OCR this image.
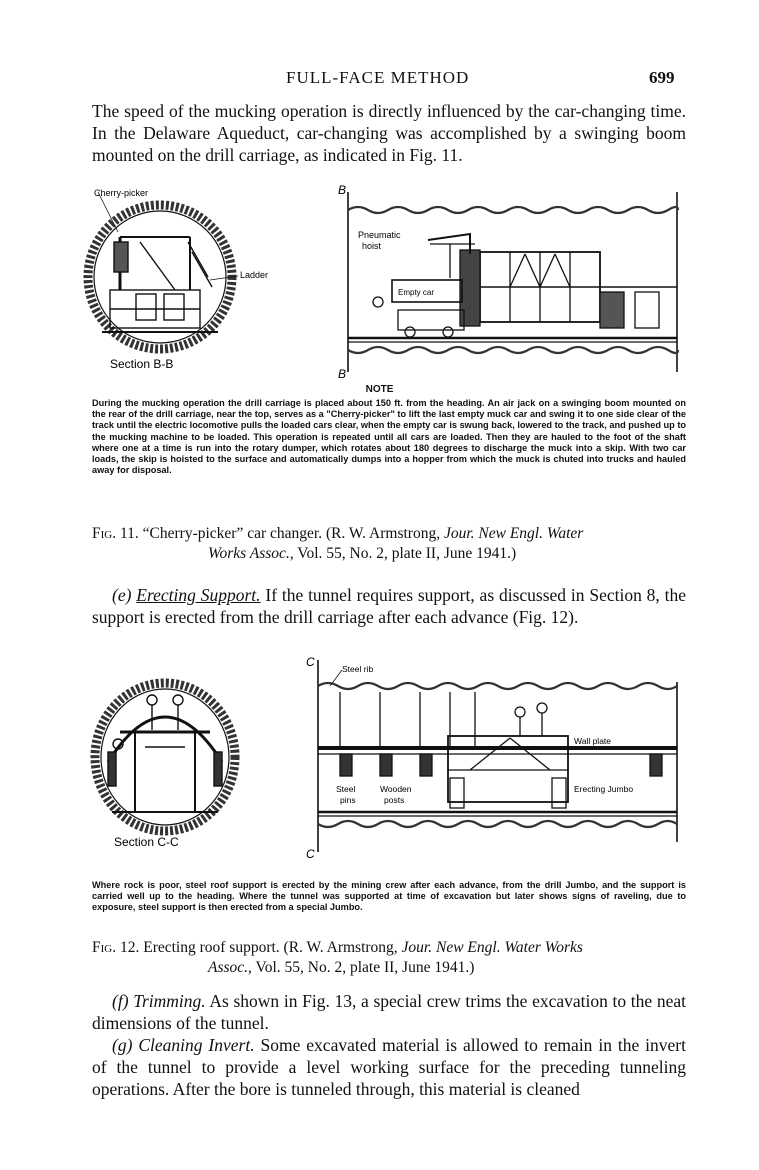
FULL-FACE METHOD	699
The speed of the mucking operation is directly influenced by the car-changing time. In the Delaware Aqueduct, car-changing was accomplished by a swinging boom mounted on the drill carriage, as indicated in Fig. 11.
Cherry-picker
Ladder
Section B-B
B
B
Pneumatic
hoist
Empty car
NOTE
During the mucking operation the drill carriage is placed about 150 ft. from the heading. An air jack on a swinging boom mounted on the rear of the drill carriage, near the top, serves as a "Cherry-picker" to lift the last empty muck car and swing it to one side clear of the track until the electric locomotive pulls the loaded cars clear, when the empty car is swung back, lowered to the track, and pushed up to the mucking machine to be loaded. This operation is repeated until all cars are loaded. Then they are hauled to the foot of the shaft where one at a time is run into the rotary dumper, which rotates about 180 degrees to discharge the muck into a skip. With two car loads, the skip is hoisted to the surface and automatically dumps into a hopper from which the muck is chuted into trucks and hauled away for disposal.
Fig. 11. “Cherry-picker” car changer. (R. W. Armstrong, Jour. New Engl. Water
Works Assoc., Vol. 55, No. 2, plate II, June 1941.)
(e) Erecting Support. If the tunnel requires support, as discussed in Section 8, the support is erected from the drill carriage after each advance (Fig. 12).
Section C-C
C
C
Steel rib
Wall plate
Steel
pins
Wooden
posts
Erecting Jumbo
Where rock is poor, steel roof support is erected by the mining crew after each advance, from the drill Jumbo, and the support is carried well up to the heading. Where the tunnel was supported at time of excavation but later shows signs of raveling, due to exposure, steel support is then erected from a special Jumbo.
Fig. 12. Erecting roof support. (R. W. Armstrong, Jour. New Engl. Water Works
Assoc., Vol. 55, No. 2, plate II, June 1941.)
(f) Trimming. As shown in Fig. 13, a special crew trims the excavation to the neat dimensions of the tunnel.
(g) Cleaning Invert. Some excavated material is allowed to remain in the invert of the tunnel to provide a level working surface for the preceding tunneling operations. After the bore is tunneled through, this material is cleaned
